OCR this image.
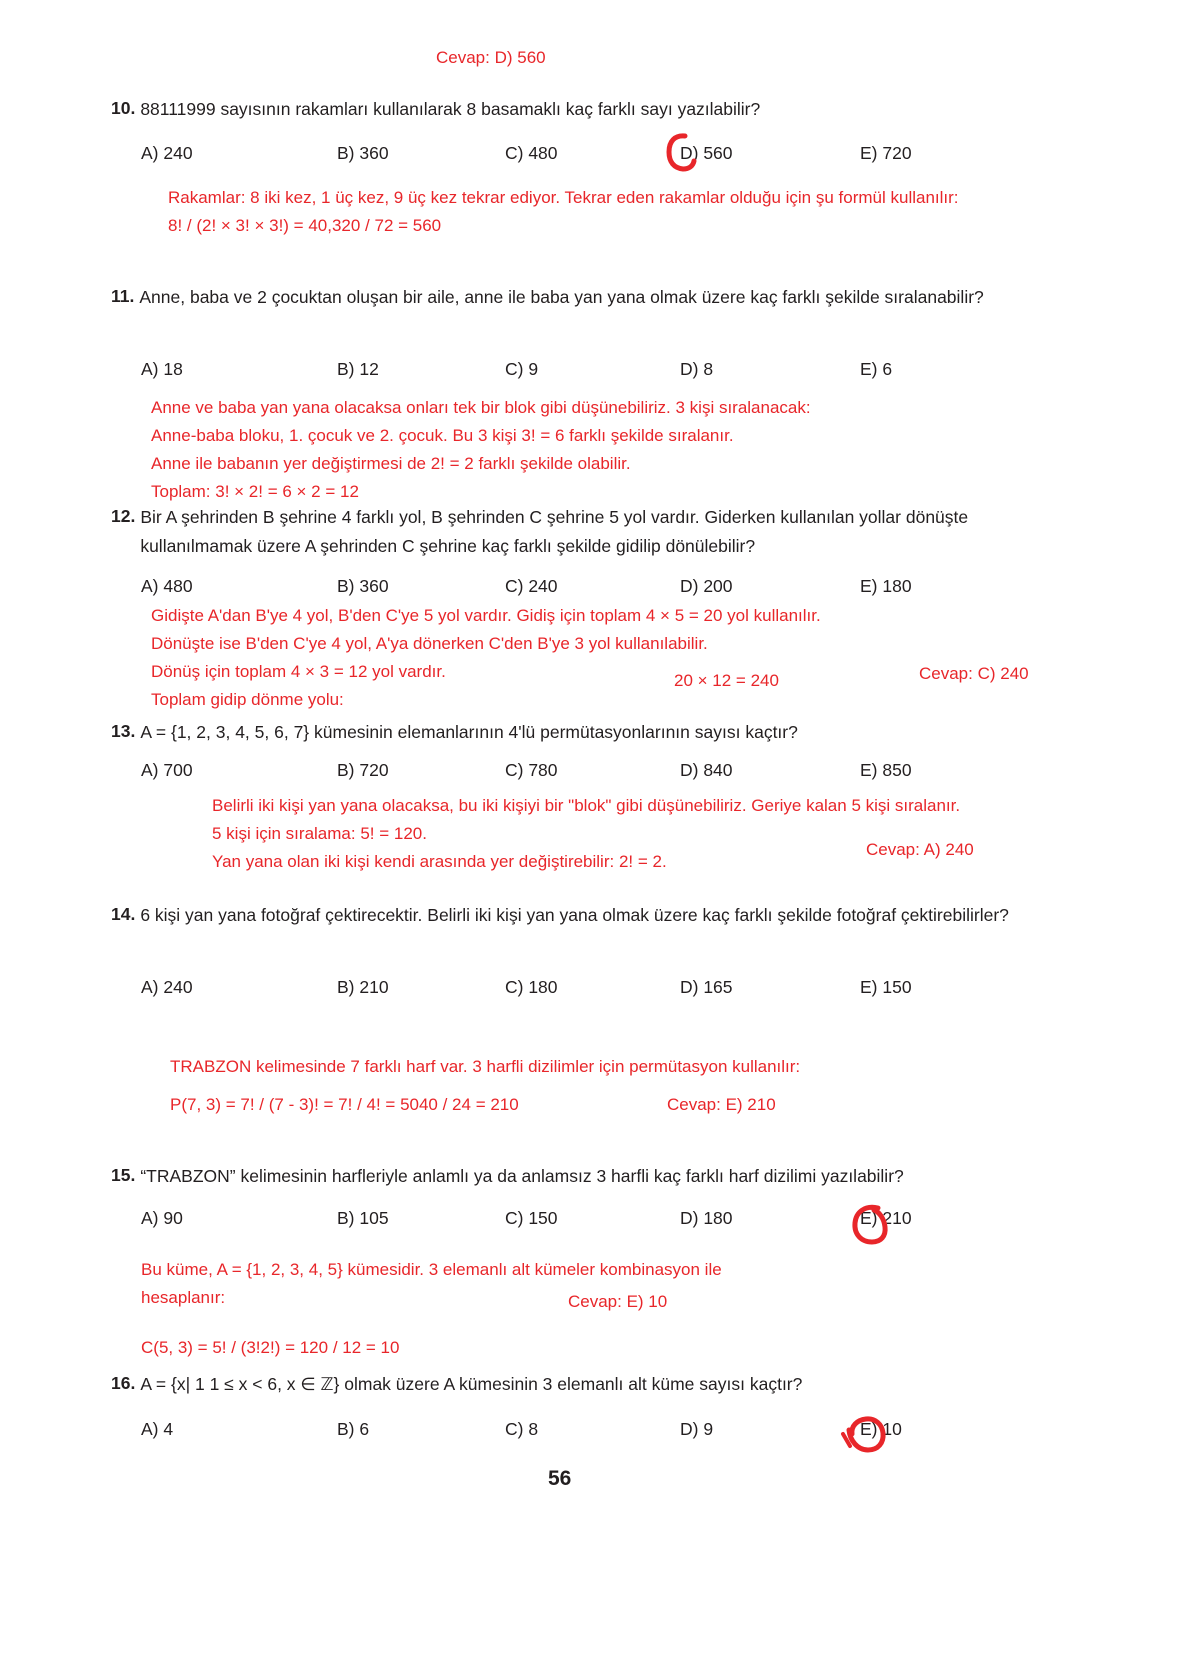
Cevap: D) 560
10. 88111999 sayısının rakamları kullanılarak 8 basamaklı kaç farklı sayı yazılabilir?
A) 240	B) 360	C) 480	D) 560	E) 720
Rakamlar: 8 iki kez, 1 üç kez, 9 üç kez tekrar ediyor. Tekrar eden rakamlar olduğu için şu formül kullanılır:
8! / (2! × 3! × 3!) = 40,320 / 72 = 560
11. Anne, baba ve 2 çocuktan oluşan bir aile, anne ile baba yan yana olmak üzere kaç farklı şekilde sıralanabilir?
A) 18	B) 12	C) 9	D) 8	E) 6
Anne ve baba yan yana olacaksa onları tek bir blok gibi düşünebiliriz. 3 kişi sıralanacak:
Anne-baba bloku, 1. çocuk ve 2. çocuk. Bu 3 kişi 3! = 6 farklı şekilde sıralanır.
Anne ile babanın yer değiştirmesi de 2! = 2 farklı şekilde olabilir.
Toplam: 3! × 2! = 6 × 2 = 12
12. Bir A şehrinden B şehrine 4 farklı yol, B şehrinden C şehrine 5 yol vardır. Giderken kullanılan yollar dönüşte kullanılmamak üzere A şehrinden C şehrine kaç farklı şekilde gidilip dönülebilir?
A) 480	B) 360	C) 240	D) 200	E) 180
Gidişte A'dan B'ye 4 yol, B'den C'ye 5 yol vardır. Gidiş için toplam 4 × 5 = 20 yol kullanılır.
Dönüşte ise B'den C'ye 4 yol, A'ya dönerken C'den B'ye 3 yol kullanılabilir.
Dönüş için toplam 4 × 3 = 12 yol vardır.
Toplam gidip dönme yolu:
20 × 12 = 240	Cevap: C) 240
13. A = {1, 2, 3, 4, 5, 6, 7} kümesinin elemanlarının 4'lü permütasyonlarının sayısı kaçtır?
A) 700	B) 720	C) 780	D) 840	E) 850
Belirli iki kişi yan yana olacaksa, bu iki kişiyi bir "blok" gibi düşünebiliriz. Geriye kalan 5 kişi sıralanır.
5 kişi için sıralama: 5! = 120.
Yan yana olan iki kişi kendi arasında yer değiştirebilir: 2! = 2.
Cevap: A) 240
14. 6 kişi yan yana fotoğraf çektirecektir. Belirli iki kişi yan yana olmak üzere kaç farklı şekilde fotoğraf çektirebilirler?
A) 240	B) 210	C) 180	D) 165	E) 150
TRABZON kelimesinde 7 farklı harf var. 3 harfli dizilimler için permütasyon kullanılır:
P(7, 3) = 7! / (7 - 3)! = 7! / 4! = 5040 / 24 = 210	Cevap: E) 210
15. “TRABZON” kelimesinin harfleriyle anlamlı ya da anlamsız 3 harfli kaç farklı harf dizilimi yazılabilir?
A) 90	B) 105	C) 150	D) 180	E) 210
Bu küme, A = {1, 2, 3, 4, 5} kümesidir. 3 elemanlı alt kümeler kombinasyon ile
hesaplanır:	Cevap: E) 10
C(5, 3) = 5! / (3!2!) = 120 / 12 = 10
16. A = {x| 1 1 ≤ x < 6, x ∈ ℤ} olmak üzere A kümesinin 3 elemanlı alt küme sayısı kaçtır?
A) 4	B) 6	C) 8	D) 9	E) 10
56
